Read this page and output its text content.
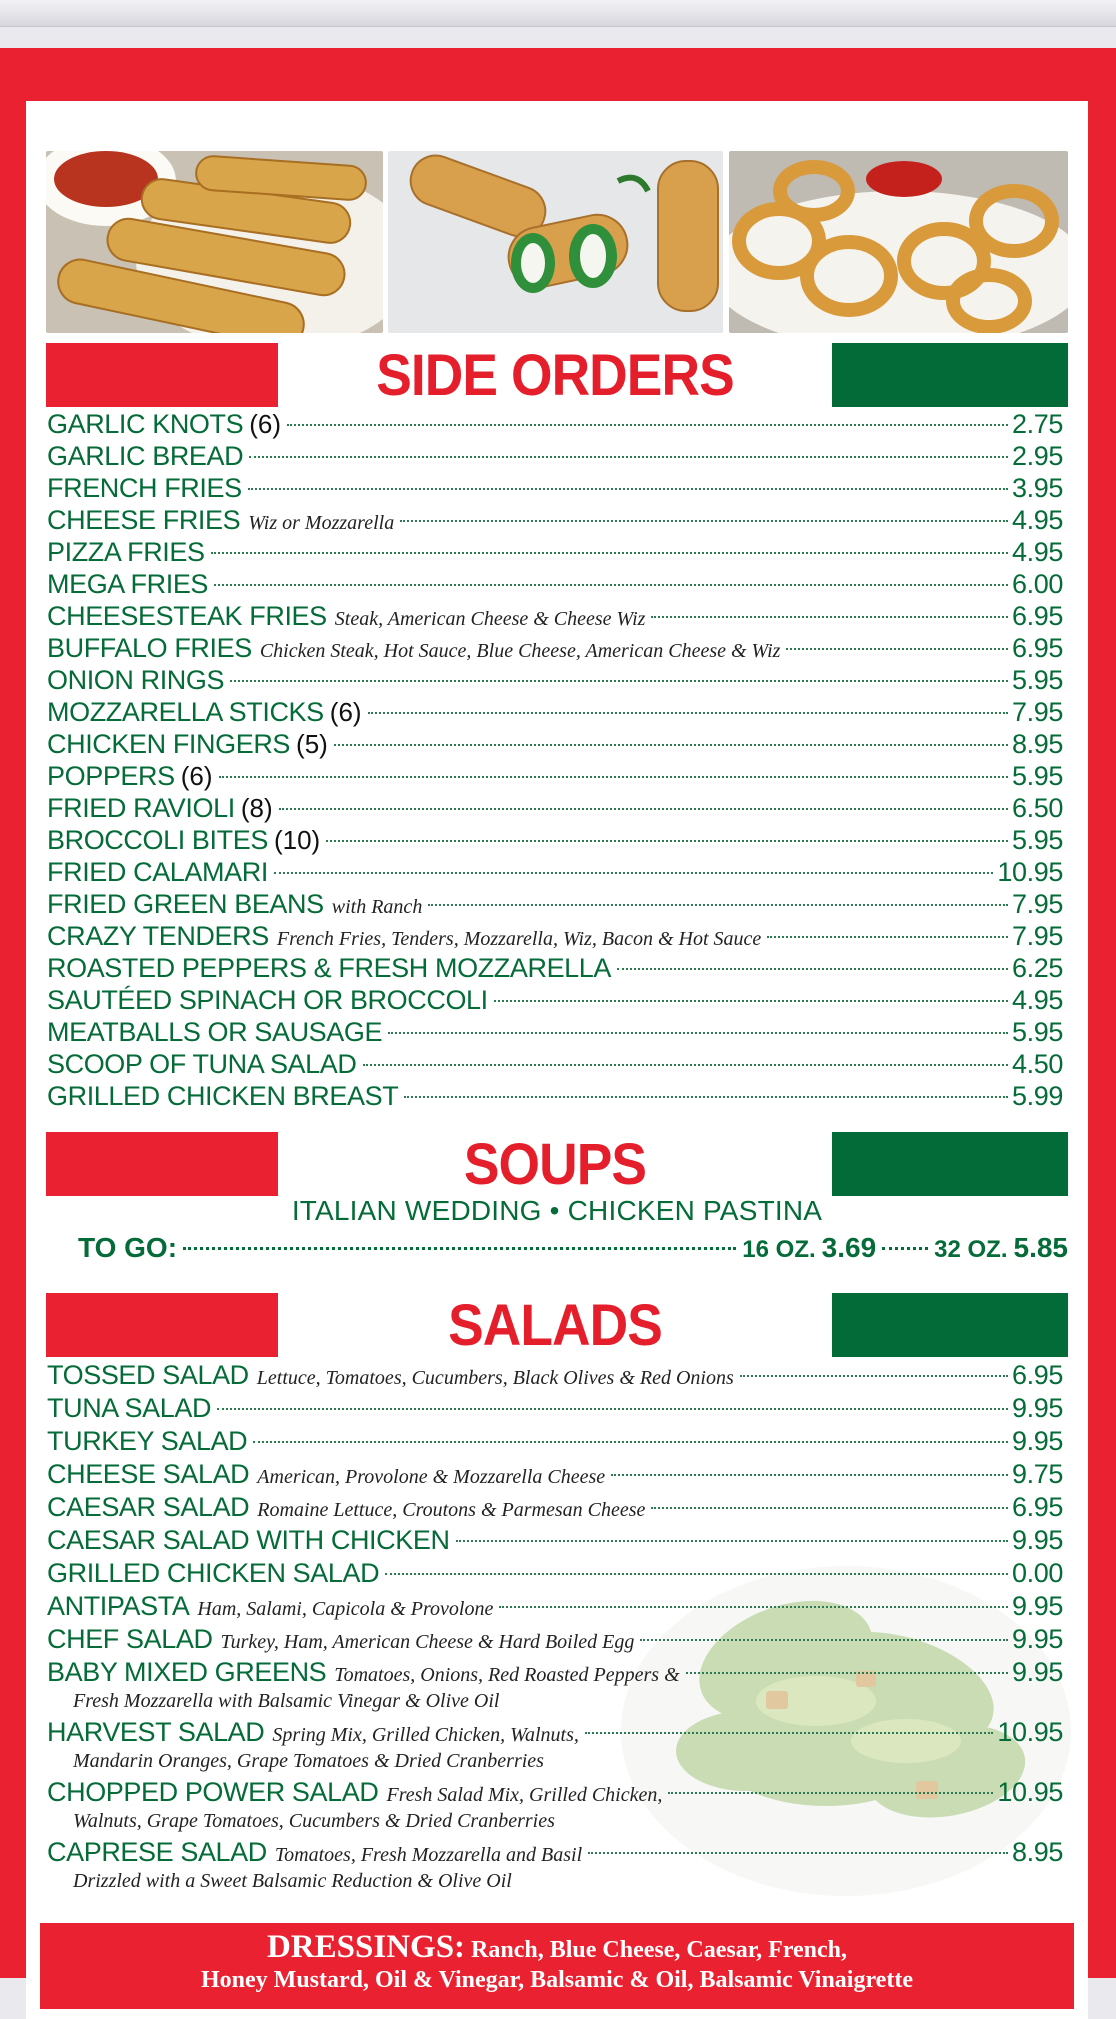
SIDE ORDERS
GARLIC KNOTS (6)	2.75
GARLIC BREAD	2.95
FRENCH FRIES	3.95
CHEESE FRIES Wiz or Mozzarella	4.95
PIZZA FRIES	4.95
MEGA FRIES	6.00
CHEESESTEAK FRIES Steak, American Cheese & Cheese Wiz	6.95
BUFFALO FRIES Chicken Steak, Hot Sauce, Blue Cheese, American Cheese & Wiz	6.95
ONION RINGS	5.95
MOZZARELLA STICKS (6)	7.95
CHICKEN FINGERS (5)	8.95
POPPERS (6)	5.95
FRIED RAVIOLI (8)	6.50
BROCCOLI BITES (10)	5.95
FRIED CALAMARI	10.95
FRIED GREEN BEANS with Ranch	7.95
CRAZY TENDERS French Fries, Tenders, Mozzarella, Wiz, Bacon & Hot Sauce	7.95
ROASTED PEPPERS & FRESH MOZZARELLA	6.25
SAUTÉED SPINACH OR BROCCOLI	4.95
MEATBALLS OR SAUSAGE	5.95
SCOOP OF TUNA SALAD	4.50
GRILLED CHICKEN BREAST	5.99
SOUPS
ITALIAN WEDDING • CHICKEN PASTINA
TO GO:	16 OZ. 3.69 32 OZ. 5.85
SALADS
TOSSED SALAD Lettuce, Tomatoes, Cucumbers, Black Olives & Red Onions	6.95
TUNA SALAD	9.95
TURKEY SALAD	9.95
CHEESE SALAD American, Provolone & Mozzarella Cheese	9.75
CAESAR SALAD Romaine Lettuce, Croutons & Parmesan Cheese	6.95
CAESAR SALAD WITH CHICKEN	9.95
GRILLED CHICKEN SALAD	0.00
ANTIPASTA Ham, Salami, Capicola & Provolone	9.95
CHEF SALAD Turkey, Ham, American Cheese & Hard Boiled Egg	9.95
BABY MIXED GREENS Tomatoes, Onions, Red Roasted Peppers &	9.95
Fresh Mozzarella with Balsamic Vinegar & Olive Oil
HARVEST SALAD Spring Mix, Grilled Chicken, Walnuts,	10.95
Mandarin Oranges, Grape Tomatoes & Dried Cranberries
CHOPPED POWER SALAD Fresh Salad Mix, Grilled Chicken,	10.95
Walnuts, Grape Tomatoes, Cucumbers & Dried Cranberries
CAPRESE SALAD Tomatoes, Fresh Mozzarella and Basil	8.95
Drizzled with a Sweet Balsamic Reduction & Olive Oil
DRESSINGS: Ranch, Blue Cheese, Caesar, French,
Honey Mustard, Oil & Vinegar, Balsamic & Oil, Balsamic Vinaigrette
